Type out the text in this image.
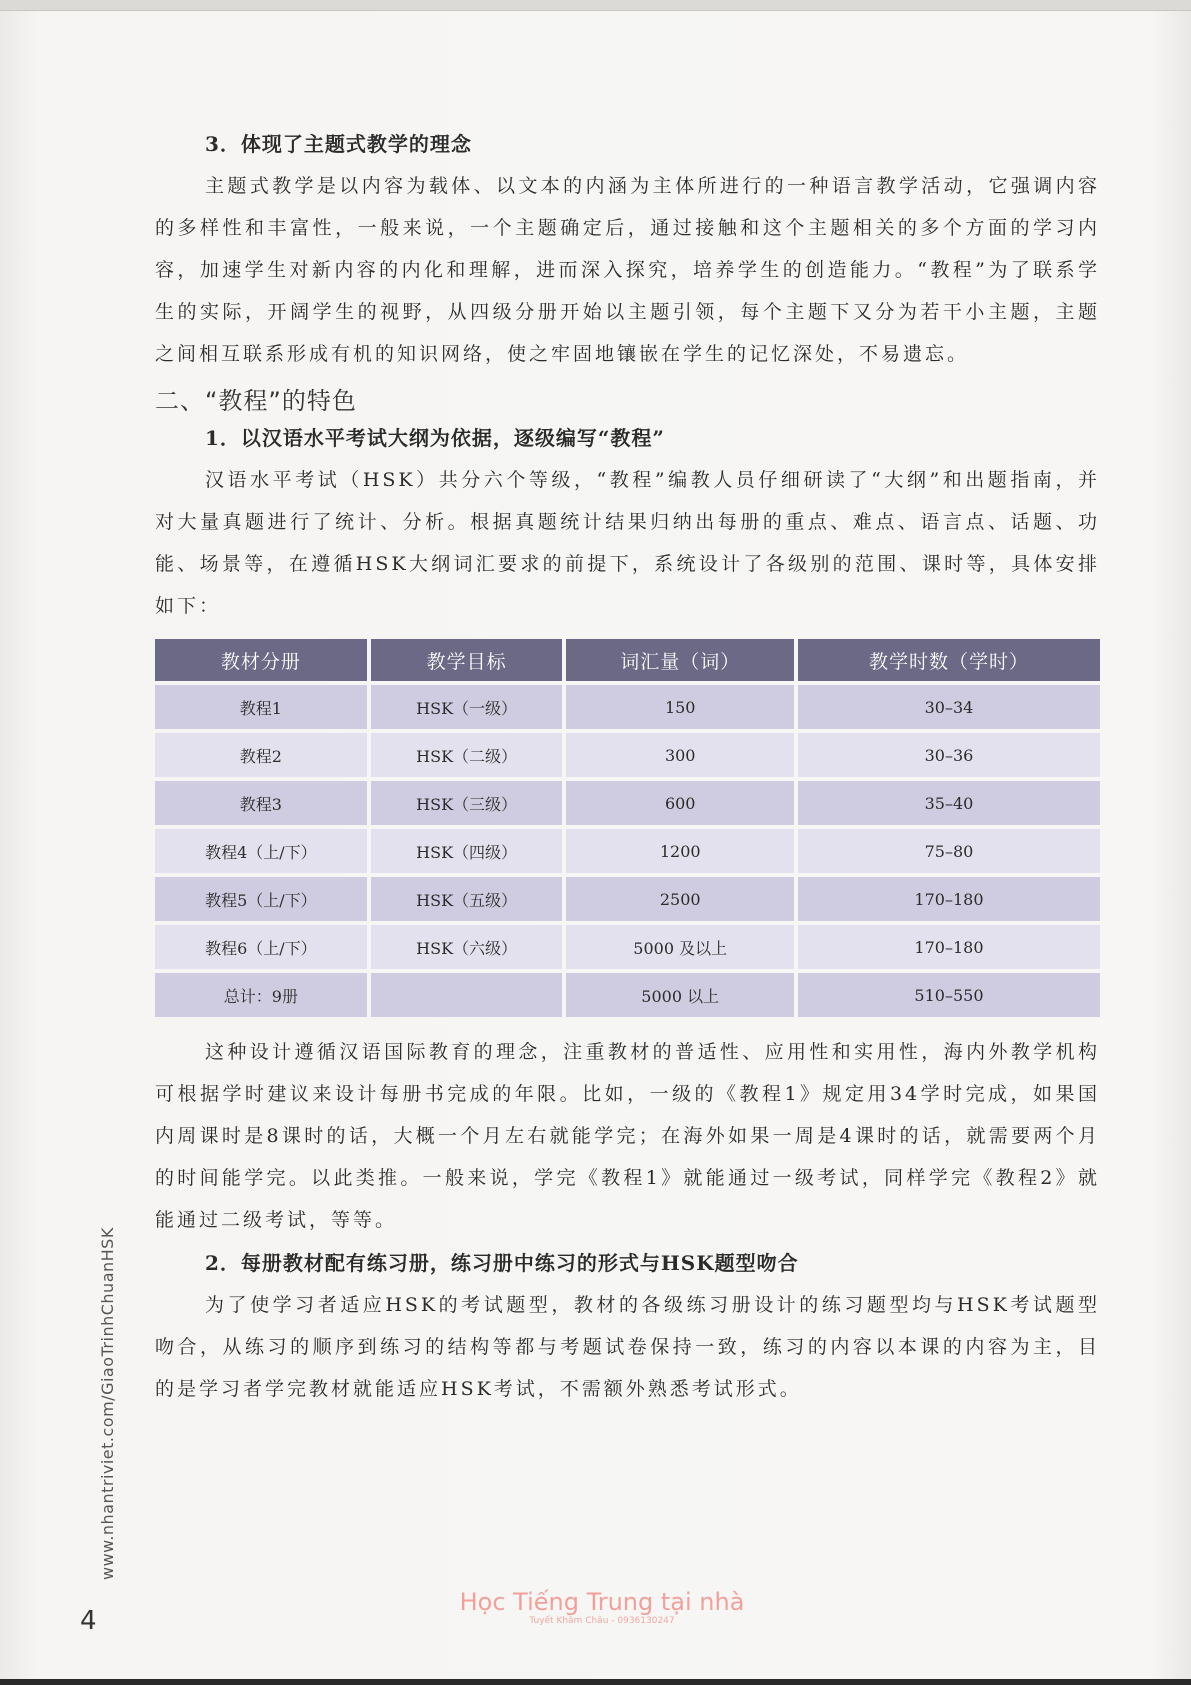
3．体现了主题式教学的理念

主题式教学是以内容为载体、以文本的内涵为主体所进行的一种语言教学活动，它强调内容的多样性和丰富性，一般来说，一个主题确定后，通过接触和这个主题相关的多个方面的学习内容，加速学生对新内容的内化和理解，进而深入探究，培养学生的创造能力。“教程”为了联系学生的实际，开阔学生的视野，从四级分册开始以主题引领，每个主题下又分为若干小主题，主题之间相互联系形成有机的知识网络，使之牢固地镶嵌在学生的记忆深处，不易遗忘。

二、“教程”的特色
1．以汉语水平考试大纲为依据，逐级编写“教程”

汉语水平考试（HSK）共分六个等级，“教程”编教人员仔细研读了“大纲”和出题指南，并对大量真题进行了统计、分析。根据真题统计结果归纳出每册的重点、难点、语言点、话题、功能、场景等，在遵循HSK大纲词汇要求的前提下，系统设计了各级别的范围、课时等，具体安排如下：

教材分册	教学目标	词汇量（词）	教学时数（学时）
教程1	HSK（一级）	150	30–34
教程2	HSK（二级）	300	30–36
教程3	HSK（三级）	600	35–40
教程4（上/下）	HSK（四级）	1200	75–80
教程5（上/下）	HSK（五级）	2500	170–180
教程6（上/下）	HSK（六级）	5000 及以上	170–180
总计：9册		5000 以上	510–550

这种设计遵循汉语国际教育的理念，注重教材的普适性、应用性和实用性，海内外教学机构可根据学时建议来设计每册书完成的年限。比如，一级的《教程1》规定用34学时完成，如果国内周课时是8课时的话，大概一个月左右就能学完；在海外如果一周是4课时的话，就需要两个月的时间能学完。以此类推。一般来说，学完《教程1》就能通过一级考试，同样学完《教程2》就能通过二级考试，等等。

2．每册教材配有练习册，练习册中练习的形式与HSK题型吻合

为了使学习者适应HSK的考试题型，教材的各级练习册设计的练习题型均与HSK考试题型吻合，从练习的顺序到练习的结构等都与考题试卷保持一致，练习的内容以本课的内容为主，目的是学习者学完教材就能适应HSK考试，不需额外熟悉考试形式。

www.nhantriviet.com/GiaoTrinhChuanHSK
4
Học Tiếng Trung tại nhà
Tuyết Khâm Châu - 0936130247
